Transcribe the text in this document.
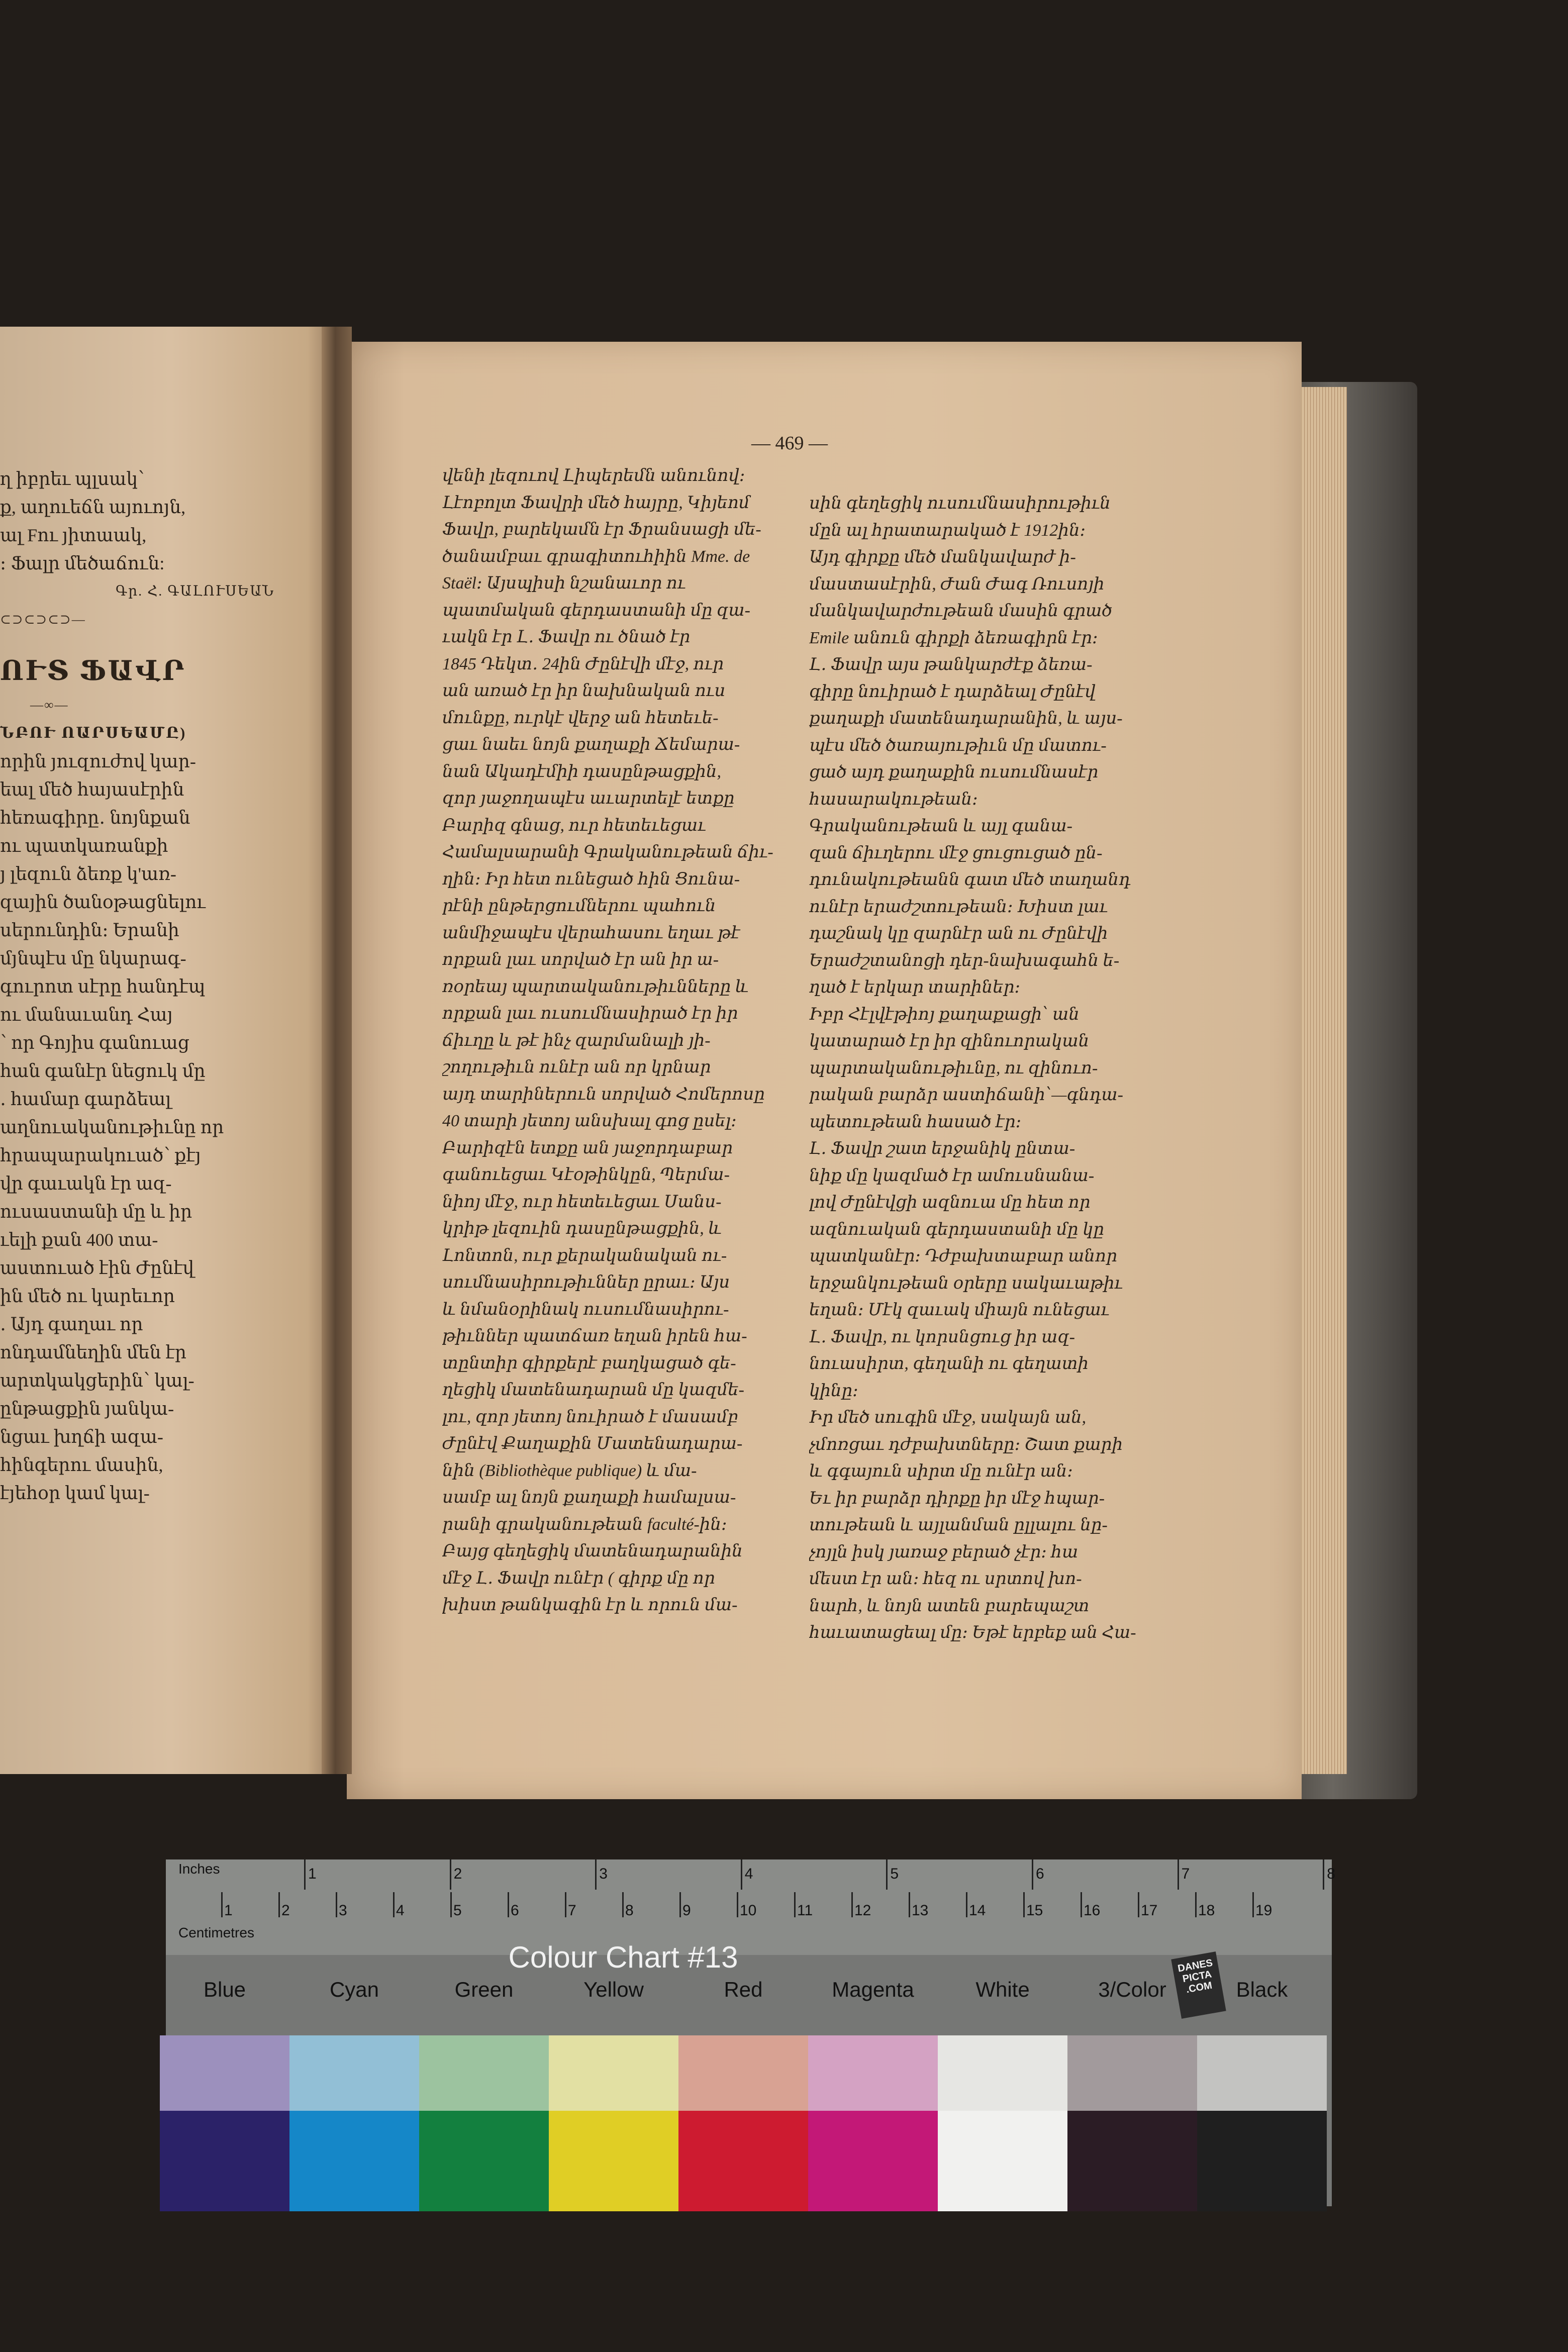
ղ իբրեւ պլսակ՝
ք, աղուեճն այուոյն,
ալ Fու յիտաակ,
։ Ֆալր մեծաճուն:
Գր. Հ. ԳԱԼՈՒՍԵԱՆ
⊂⊃⊂⊃⊂⊃—
ՈՒՏ ՖԱՎՐ
—∞—
ՆԲՈՒ ՈԱՐՍԵԱՄԸ)
որին յուզուժով կար-
եալ մեծ հայասէրին
հեռագիրը․ նոյնքան
ու պատկառանքի
յ լեզուն ձեռք կ'առ-
զային ծանօթացնելու
սերունդին։ Երանի
մյնպէս մը նկարագ-
գուրոտ սէրը հանդէպ
ու մանաւանդ Հայ
՝ որ Գոյիս գանուաց
հան գանէր նեցուկ մը
․ համար գարձեալ
աղնուականութիւնը որ
հրապարակուած՝ քէյ
վր գաւակն էր ազ-
ուսաստանի մը և իր
ւելի քան 400 տա-
աստուած էին Ժընէվ
ին մեծ ու կարեւոր
․ Այդ գաղաւ որ
ոնդամնեղին մեն էր
արտկակցերին՝ կալ-
ընթացքին յանկա-
նցաւ խղճի ազա-
հինգերու մասին,
էյեհօր կամ կալ-
— 469 —
վենի լեզուով Լիպերեմն անունով։
Լէոբոլտ Ֆավրի մեծ հայրը, Կիյեոմ
Ֆավր, բարեկամն էր Ֆրանսացի մե-
ծանամբաւ գրագիտուհիին Mme. de
Staël։ Այսպիսի նշանաւոր ու
պատմական գերդաստանի մը զա-
ւակն էր Լ․ Ֆավր ու ծնած էր
1845 Դեկտ․ 24ին Ժընէվի մէջ, ուր
ան առած էր իր նախնական ուս
մունքը, ուրկէ վերջ ան հետեւե-
ցաւ նաեւ նոյն քաղաքի Ճեմարա-
նան Ակադէմիի դասընթացքին,
զոր յաջողապէս աւարտելէ ետքը
Բարիզ գնաց, ուր հետեւեցաւ
Համալսարանի Գրականութեան ճիւ-
ղին։ Իր հետ ունեցած հին Ցունա-
րէնի ընթերցումներու պահուն
անմիջապէս վերահասու եղաւ թէ
որքան լաւ սորված էր ան իր ա-
ռօրեայ պարտականութիւնները և
որքան լաւ ուսումնասիրած էր իր
ճիւղը և թէ ինչ զարմանալի յի-
շողութիւն ունէր ան որ կրնար
այդ տարիներուն սորված Հոմերոսը
40 տարի յետոյ անսխալ գոց ըսել։
Բարիզէն ետքը ան յաջորդաբար
գանուեցաւ Կէօթինկըն, Պերմա-
նիոյ մէջ, ուր հետեւեցաւ Սանս-
կրիթ լեզուին դասընթացքին, և
Լոնտոն, ուր քերականական ու-
սումնասիրութիւններ ըրաւ։ Այս
և նմանօրինակ ուսումնասիրու-
թիւններ պատճառ եղան իրեն հա-
տընտիր գիրքերէ բաղկացած գե-
ղեցիկ մատենադարան մը կազմե-
լու, զոր յետոյ նուիրած է մասամբ
Ժընէվ Քաղաքին Մատենադարա-
նին (Bibliothèque publique) և մա-
սամբ ալ նոյն քաղաքի համալսա-
րանի գրականութեան faculté-ին։
Բայց գեղեցիկ մատենադարանին
մէջ Լ․ Ֆավր ունէր ( գիրք մը որ
խիստ թանկագին էր և որուն մա-
սին գեղեցիկ ուսումնասիրութիւն
մըն ալ հրատարակած է 1912ին։
Այդ գիրքը մեծ մանկավարժ ի-
մաստասէրին, Ժան Ժագ Ռուսոյի
մանկավարժութեան մասին գրած
Emile անուն գիրքի ձեռագիրն էր։
Լ․ Ֆավր այս թանկարժէք ձեռա-
գիրը նուիրած է դարձեալ Ժընէվ
քաղաքի մատենադարանին, և այս-
պէս մեծ ծառայութիւն մը մատու-
ցած այդ քաղաքին ուսումնասէր
հասարակութեան։
Գրականութեան և այլ գանա-
զան ճիւղերու մէջ ցուցուցած ըն-
դունակութեանն գատ մեծ տաղանդ
ունէր երաժշտութեան։ Խիստ լաւ
դաշնակ կը զարնէր ան ու Ժընէվի
Երաժշտանոցի դեր-նախագահն ե-
ղած է երկար տարիներ։
Իբր Հէլվէթիոյ քաղաքացի՝ ան
կատարած էր իր զինուորական
պարտականութիւնը, ու զինուո-
րական բարձր աստիճանի՝—գնդա-
պետութեան հասած էր։
Լ․ Ֆավր շատ երջանիկ ընտա-
նիք մը կազմած էր ամուսնանա-
լով Ժընէվցի ազնուա մը հետ որ
ազնուական գերդաստանի մը կը
պատկանէր։ Դժբախտաբար անոր
երջանկութեան օրերը սակաւաթիւ
եղան։ Մէկ զաւակ միայն ունեցաւ
Լ․ Ֆավր, ու կորսնցուց իր ազ-
նուասիրտ, գեղանի ու գեղատի
կինը։
Իր մեծ սուգին մէջ, սակայն ան,
չմոռցաւ դժբախտները։ Շատ քարի
և գգայուն սիրտ մը ունէր ան։
Եւ իր բարձր դիրքը իր մէջ հպար-
տութեան և այլանման ըլլալու նը-
չոյլն իսկ յառաջ բերած չէր։ հա
մեստ էր ան։ հեզ ու սրտով խո-
նարհ, և նոյն ատեն բարեպաշտ
հաւատացեալ մը։ Եթէ երբեք ան Հա-
Inches
Centimetres
1	2	3	4	5	6	7	8	9	10	11	12	13	14	15	16	17	18	19
1	2	3	4	5	6	7	8
Colour Chart #13	DANES PICTA .COM
Blue	Cyan	Green	Yellow	Red	Magenta	White	3/Color	Black
